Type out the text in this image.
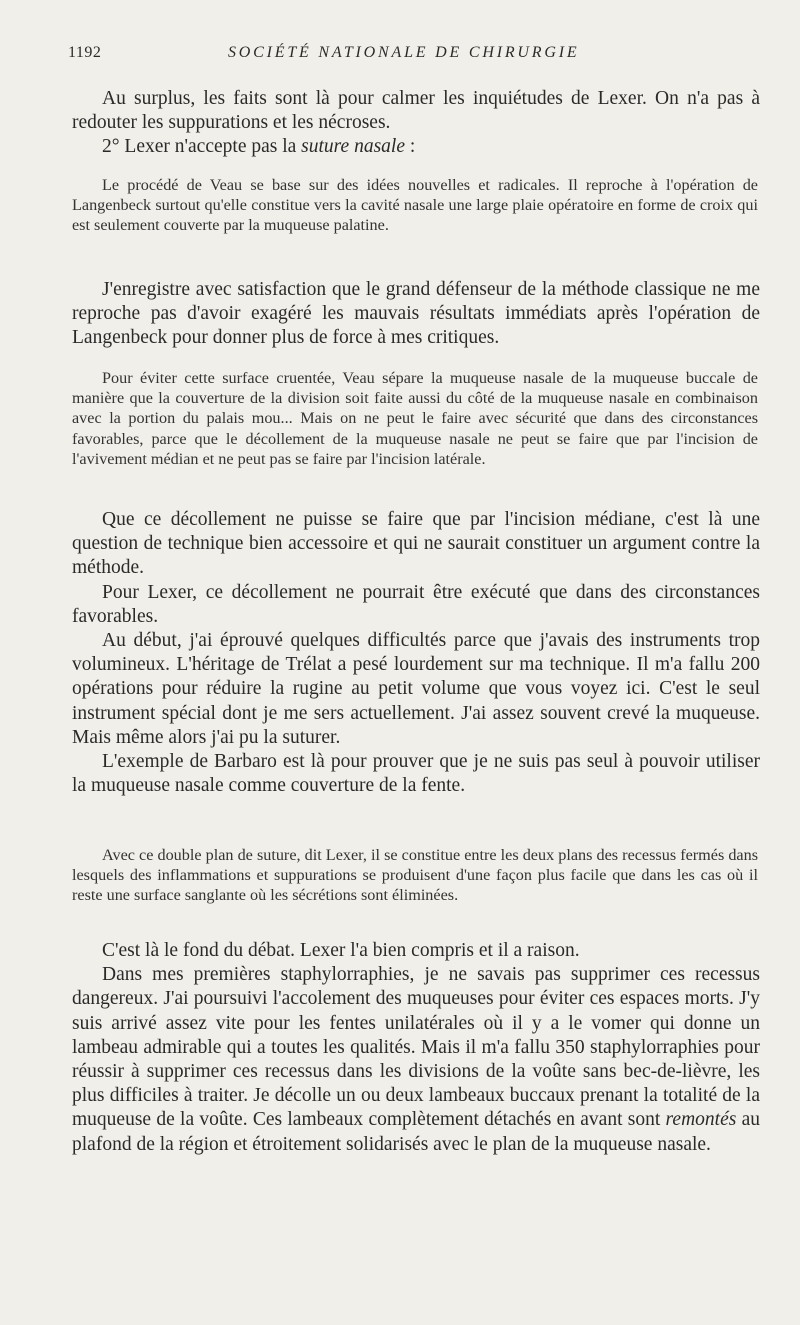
1192	SOCIÉTÉ NATIONALE DE CHIRURGIE

Au surplus, les faits sont là pour calmer les inquiétudes de Lexer. On n'a pas à redouter les suppurations et les nécroses.

2° Lexer n'accepte pas la suture nasale :

Le procédé de Veau se base sur des idées nouvelles et radicales. Il reproche à l'opération de Langenbeck surtout qu'elle constitue vers la cavité nasale une large plaie opératoire en forme de croix qui est seulement couverte par la muqueuse palatine.

J'enregistre avec satisfaction que le grand défenseur de la méthode classique ne me reproche pas d'avoir exagéré les mauvais résultats immédiats après l'opération de Langenbeck pour donner plus de force à mes critiques.

Pour éviter cette surface cruentée, Veau sépare la muqueuse nasale de la muqueuse buccale de manière que la couverture de la division soit faite aussi du côté de la muqueuse nasale en combinaison avec la portion du palais mou... Mais on ne peut le faire avec sécurité que dans des circonstances favorables, parce que le décollement de la muqueuse nasale ne peut se faire que par l'incision de l'avivement médian et ne peut pas se faire par l'incision latérale.

Que ce décollement ne puisse se faire que par l'incision médiane, c'est là une question de technique bien accessoire et qui ne saurait constituer un argument contre la méthode.

Pour Lexer, ce décollement ne pourrait être exécuté que dans des circonstances favorables.

Au début, j'ai éprouvé quelques difficultés parce que j'avais des instruments trop volumineux. L'héritage de Trélat a pesé lourdement sur ma technique. Il m'a fallu 200 opérations pour réduire la rugine au petit volume que vous voyez ici. C'est le seul instrument spécial dont je me sers actuellement. J'ai assez souvent crevé la muqueuse. Mais même alors j'ai pu la suturer.

L'exemple de Barbaro est là pour prouver que je ne suis pas seul à pouvoir utiliser la muqueuse nasale comme couverture de la fente.

Avec ce double plan de suture, dit Lexer, il se constitue entre les deux plans des recessus fermés dans lesquels des inflammations et suppurations se produisent d'une façon plus facile que dans les cas où il reste une surface sanglante où les sécrétions sont éliminées.

C'est là le fond du débat. Lexer l'a bien compris et il a raison.

Dans mes premières staphylorraphies, je ne savais pas supprimer ces recessus dangereux. J'ai poursuivi l'accolement des muqueuses pour éviter ces espaces morts. J'y suis arrivé assez vite pour les fentes unilatérales où il y a le vomer qui donne un lambeau admirable qui a toutes les qualités. Mais il m'a fallu 350 staphylorraphies pour réussir à supprimer ces recessus dans les divisions de la voûte sans bec-de-lièvre, les plus difficiles à traiter. Je décolle un ou deux lambeaux buccaux prenant la totalité de la muqueuse de la voûte. Ces lambeaux complètement détachés en avant sont remontés au plafond de la région et étroitement solidarisés avec le plan de la muqueuse nasale.
